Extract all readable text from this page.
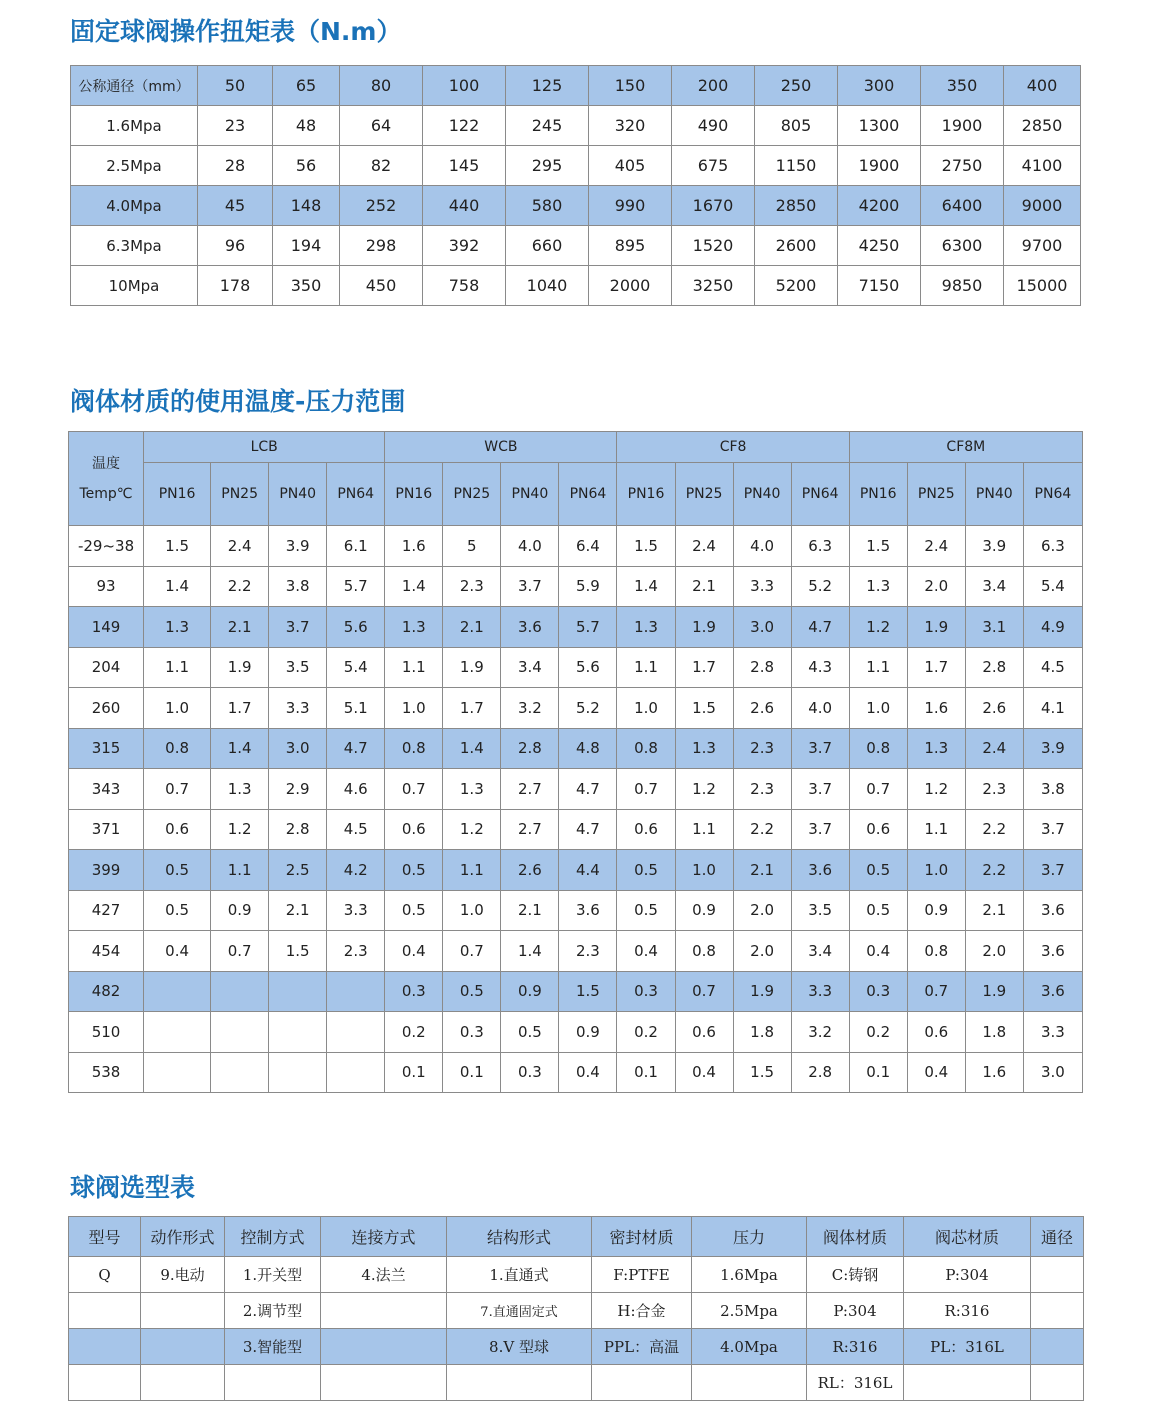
固定球阀操作扭矩表（N.m）
公称通径（mm）	50	65	80	100	125	150	200	250	300	350	400
1.6Mpa	23	48	64	122	245	320	490	805	1300	1900	2850
2.5Mpa	28	56	82	145	295	405	675	1150	1900	2750	4100
4.0Mpa	45	148	252	440	580	990	1670	2850	4200	6400	9000
6.3Mpa	96	194	298	392	660	895	1520	2600	4250	6300	9700
10Mpa	178	350	450	758	1040	2000	3250	5200	7150	9850	15000
阀体材质的使用温度-压力范围
温度
Temp℃	LCB				WCB				CF8				CF8M			
	PN16	PN25	PN40	PN64	PN16	PN25	PN40	PN64	PN16	PN25	PN40	PN64	PN16	PN25	PN40	PN64
-29~38	1.5	2.4	3.9	6.1	1.6	5	4.0	6.4	1.5	2.4	4.0	6.3	1.5	2.4	3.9	6.3
93	1.4	2.2	3.8	5.7	1.4	2.3	3.7	5.9	1.4	2.1	3.3	5.2	1.3	2.0	3.4	5.4
149	1.3	2.1	3.7	5.6	1.3	2.1	3.6	5.7	1.3	1.9	3.0	4.7	1.2	1.9	3.1	4.9
204	1.1	1.9	3.5	5.4	1.1	1.9	3.4	5.6	1.1	1.7	2.8	4.3	1.1	1.7	2.8	4.5
260	1.0	1.7	3.3	5.1	1.0	1.7	3.2	5.2	1.0	1.5	2.6	4.0	1.0	1.6	2.6	4.1
315	0.8	1.4	3.0	4.7	0.8	1.4	2.8	4.8	0.8	1.3	2.3	3.7	0.8	1.3	2.4	3.9
343	0.7	1.3	2.9	4.6	0.7	1.3	2.7	4.7	0.7	1.2	2.3	3.7	0.7	1.2	2.3	3.8
371	0.6	1.2	2.8	4.5	0.6	1.2	2.7	4.7	0.6	1.1	2.2	3.7	0.6	1.1	2.2	3.7
399	0.5	1.1	2.5	4.2	0.5	1.1	2.6	4.4	0.5	1.0	2.1	3.6	0.5	1.0	2.2	3.7
427	0.5	0.9	2.1	3.3	0.5	1.0	2.1	3.6	0.5	0.9	2.0	3.5	0.5	0.9	2.1	3.6
454	0.4	0.7	1.5	2.3	0.4	0.7	1.4	2.3	0.4	0.8	2.0	3.4	0.4	0.8	2.0	3.6
482					0.3	0.5	0.9	1.5	0.3	0.7	1.9	3.3	0.3	0.7	1.9	3.6
510					0.2	0.3	0.5	0.9	0.2	0.6	1.8	3.2	0.2	0.6	1.8	3.3
538					0.1	0.1	0.3	0.4	0.1	0.4	1.5	2.8	0.1	0.4	1.6	3.0
球阀选型表
型号	动作形式	控制方式	连接方式	结构形式	密封材质	压力	阀体材质	阀芯材质	通径
Q	9.电动	1.开关型	4.法兰	1.直通式	F:PTFE	1.6Mpa	C:铸钢	P:304	
		2.调节型		7.直通固定式	H:合金	2.5Mpa	P:304	R:316	
		3.智能型		8.V 型球	PPL：高温	4.0Mpa	R:316	PL：316L	
							RL：316L		
